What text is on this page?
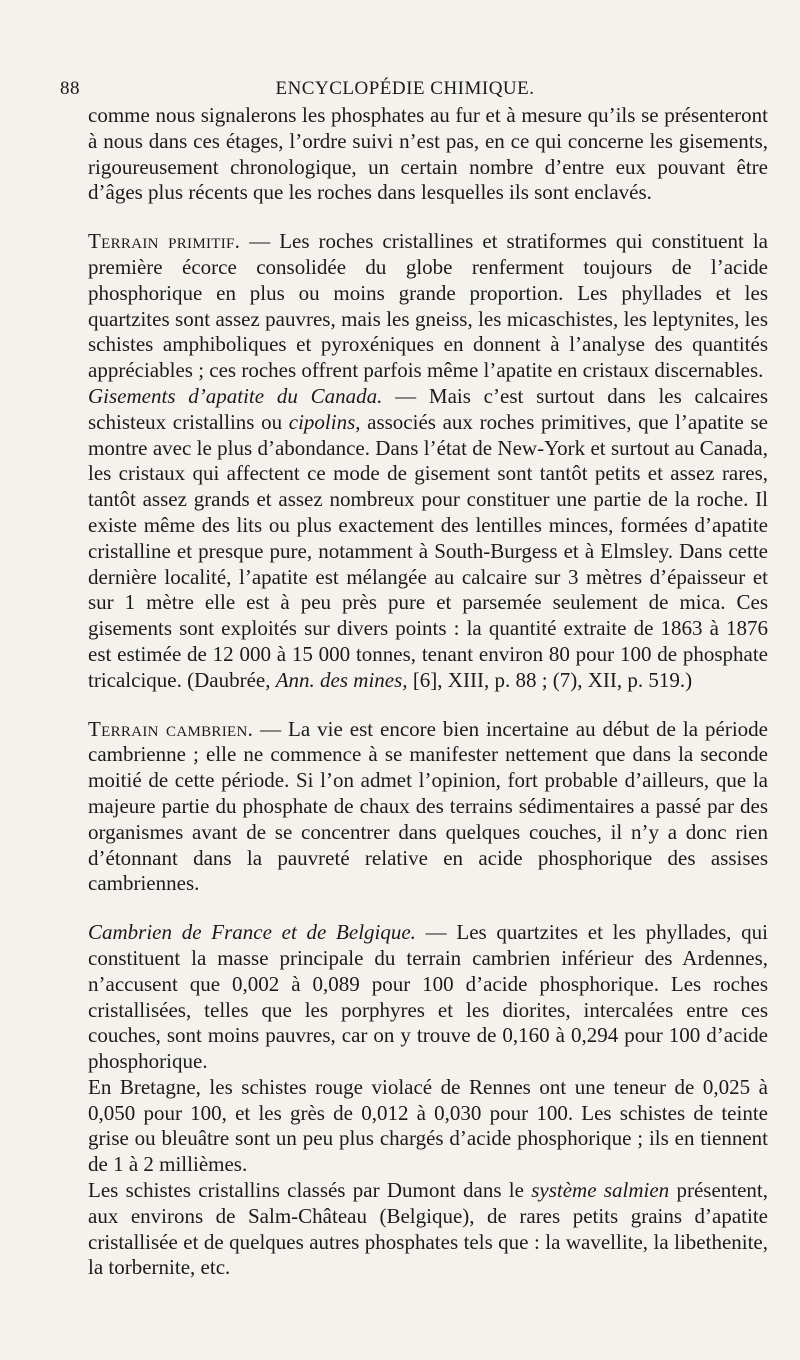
88	ENCYCLOPÉDIE CHIMIQUE.

comme nous signalerons les phosphates au fur et à mesure qu’ils se présenteront à nous dans ces étages, l’ordre suivi n’est pas, en ce qui concerne les gisements, rigoureusement chronologique, un certain nombre d’entre eux pouvant être d’âges plus récents que les roches dans lesquelles ils sont enclavés.

Terrain primitif. — Les roches cristallines et stratiformes qui constituent la première écorce consolidée du globe renferment toujours de l’acide phosphorique en plus ou moins grande proportion. Les phyllades et les quartzites sont assez pauvres, mais les gneiss, les micaschistes, les leptynites, les schistes amphiboliques et pyroxéniques en donnent à l’analyse des quantités appréciables ; ces roches offrent parfois même l’apatite en cristaux discernables.

Gisements d’apatite du Canada. — Mais c’est surtout dans les calcaires schisteux cristallins ou cipolins, associés aux roches primitives, que l’apatite se montre avec le plus d’abondance. Dans l’état de New-York et surtout au Canada, les cristaux qui affectent ce mode de gisement sont tantôt petits et assez rares, tantôt assez grands et assez nombreux pour constituer une partie de la roche. Il existe même des lits ou plus exactement des lentilles minces, formées d’apatite cristalline et presque pure, notamment à South-Burgess et à Elmsley. Dans cette dernière localité, l’apatite est mélangée au calcaire sur 3 mètres d’épaisseur et sur 1 mètre elle est à peu près pure et parsemée seulement de mica. Ces gisements sont exploités sur divers points : la quantité extraite de 1863 à 1876 est estimée de 12 000 à 15 000 tonnes, tenant environ 80 pour 100 de phosphate tricalcique. (Daubrée, Ann. des mines, [6], XIII, p. 88 ; (7), XII, p. 519.)

Terrain cambrien. — La vie est encore bien incertaine au début de la période cambrienne ; elle ne commence à se manifester nettement que dans la seconde moitié de cette période. Si l’on admet l’opinion, fort probable d’ailleurs, que la majeure partie du phosphate de chaux des terrains sédimentaires a passé par des organismes avant de se concentrer dans quelques couches, il n’y a donc rien d’étonnant dans la pauvreté relative en acide phosphorique des assises cambriennes.

Cambrien de France et de Belgique. — Les quartzites et les phyllades, qui constituent la masse principale du terrain cambrien inférieur des Ardennes, n’accusent que 0,002 à 0,089 pour 100 d’acide phosphorique. Les roches cristallisées, telles que les porphyres et les diorites, intercalées entre ces couches, sont moins pauvres, car on y trouve de 0,160 à 0,294 pour 100 d’acide phosphorique.

En Bretagne, les schistes rouge violacé de Rennes ont une teneur de 0,025 à 0,050 pour 100, et les grès de 0,012 à 0,030 pour 100. Les schistes de teinte grise ou bleuâtre sont un peu plus chargés d’acide phosphorique ; ils en tiennent de 1 à 2 millièmes.

Les schistes cristallins classés par Dumont dans le système salmien présentent, aux environs de Salm-Château (Belgique), de rares petits grains d’apatite cristallisée et de quelques autres phosphates tels que : la wavellite, la libethenite, la torbernite, etc.
